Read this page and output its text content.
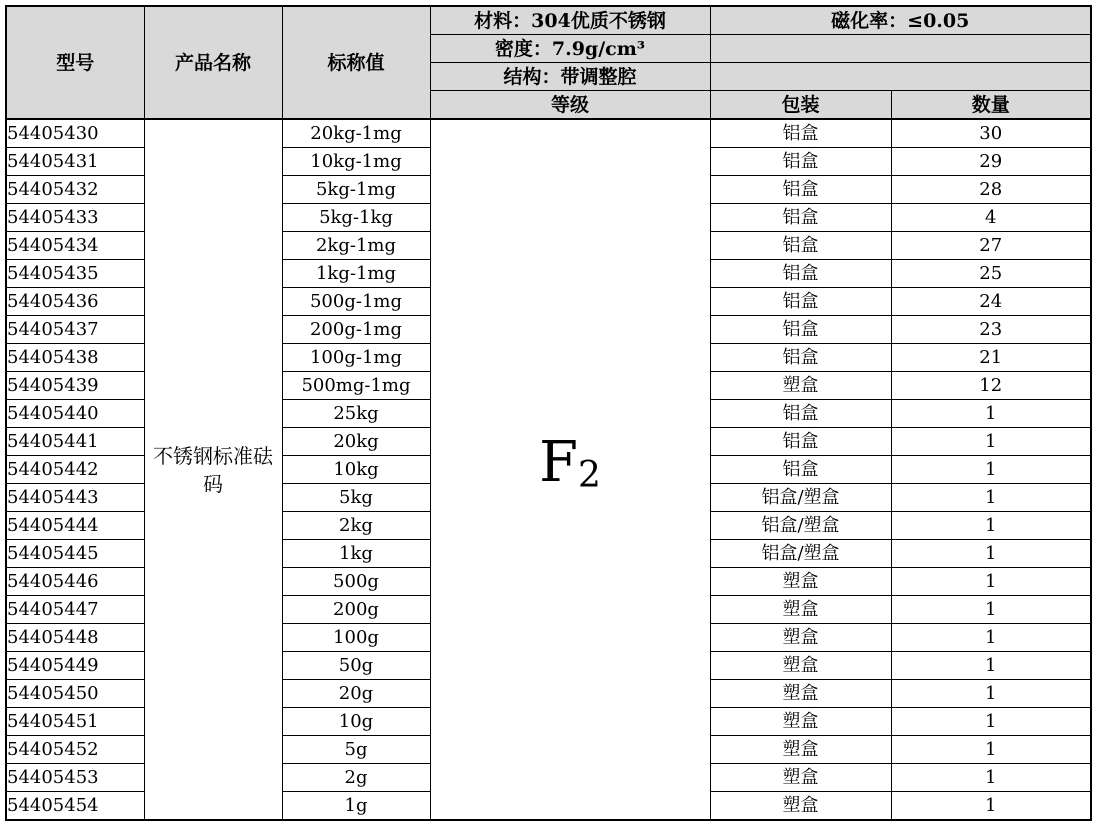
型号	产品名称	标称值	材料：304优质不锈钢	磁化率：≤0.05	
			密度：7.9g/cm³		
			结构：带调整腔		
			等级	包装	数量
54405430	不锈钢标准砝码	20kg-1mg	$F_2$	铝盒	30
54405431		10kg-1mg		铝盒	29
54405432		5kg-1mg		铝盒	28
54405433		5kg-1kg		铝盒	4
54405434		2kg-1mg		铝盒	27
54405435		1kg-1mg		铝盒	25
54405436		500g-1mg		铝盒	24
54405437		200g-1mg		铝盒	23
54405438		100g-1mg		铝盒	21
54405439		500mg-1mg		塑盒	12
54405440		25kg		铝盒	1
54405441		20kg		铝盒	1
54405442		10kg		铝盒	1
54405443		5kg		铝盒/塑盒	1
54405444		2kg		铝盒/塑盒	1
54405445		1kg		铝盒/塑盒	1
54405446		500g		塑盒	1
54405447		200g		塑盒	1
54405448		100g		塑盒	1
54405449		50g		塑盒	1
54405450		20g		塑盒	1
54405451		10g		塑盒	1
54405452		5g		塑盒	1
54405453		2g		塑盒	1
54405454		1g		塑盒	1
